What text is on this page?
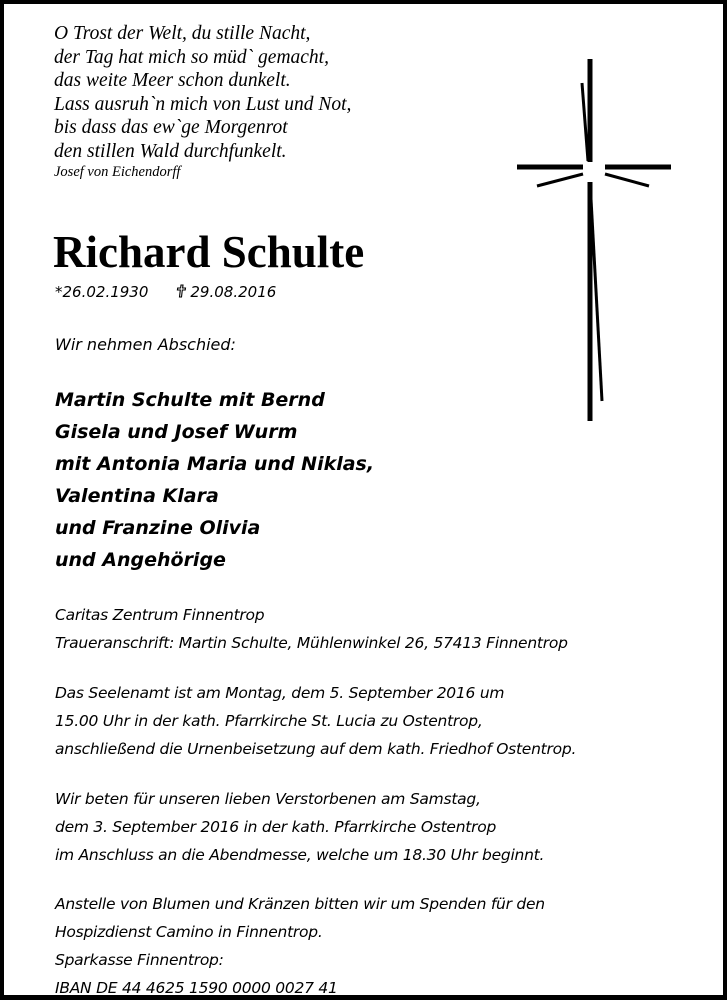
O Trost der Welt, du stille Nacht,
der Tag hat mich so müd` gemacht,
das weite Meer schon dunkelt.
Lass ausruh`n mich von Lust und Not,
bis dass das ew`ge Morgenrot
den stillen Wald durchfunkelt.
Josef von Eichendorff
Richard Schulte
*26.02.1930	29.08.2016
Wir nehmen Abschied:
Martin Schulte mit Bernd
Gisela und Josef Wurm
mit Antonia Maria und Niklas,
Valentina Klara
und Franzine Olivia
und Angehörige
Caritas Zentrum Finnentrop
Traueranschrift: Martin Schulte, Mühlenwinkel 26, 57413 Finnentrop
Das Seelenamt ist am Montag, dem 5. September 2016 um
15.00 Uhr in der kath. Pfarrkirche St. Lucia zu Ostentrop,
anschließend die Urnenbeisetzung auf dem kath. Friedhof Ostentrop.
Wir beten für unseren lieben Verstorbenen am Samstag,
dem 3. September 2016 in der kath. Pfarrkirche Ostentrop
im Anschluss an die Abendmesse, welche um 18.30 Uhr beginnt.
Anstelle von Blumen und Kränzen bitten wir um Spenden für den
Hospizdienst Camino in Finnentrop.
Sparkasse Finnentrop:
IBAN DE 44 4625 1590 0000 0027 41
